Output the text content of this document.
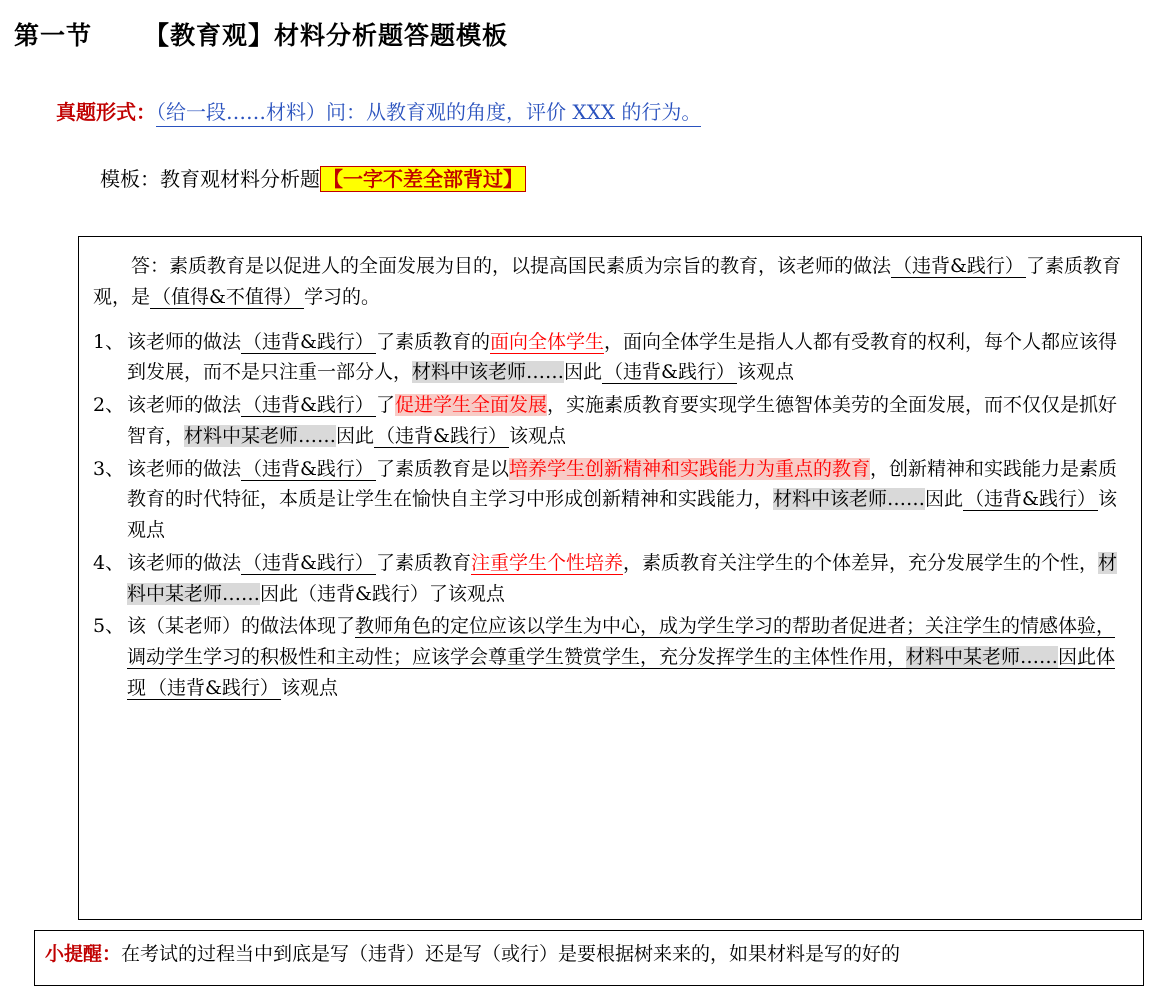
第一节 【教育观】材料分析题答题模板
真题形式：（给一段……材料）问：从教育观的角度，评价 XXX 的行为。
模板：教育观材料分析题 【一字不差全部背过】

答：素质教育是以促进人的全面发展为目的，以提高国民素质为宗旨的教育，该老师的做法 （违背&践行） 了素质教育观，是 （值得&不值得） 学习的。

1、 该老师的做法 （违背&践行） 了素质教育的面向全体学生，面向全体学生是指人人都有受教育的权利，每个人都应该得到发展，而不是只注重一部分人，材料中该老师……因此 （违背&践行） 该观点
2、 该老师的做法 （违背&践行） 了促进学生全面发展，实施素质教育要实现学生德智体美劳的全面发展，而不仅仅是抓好智育，材料中某老师……因此 （违背&践行） 该观点
3、 该老师的做法 （违背&践行） 了素质教育是以培养学生创新精神和实践能力为重点的教育，创新精神和实践能力是素质教育的时代特征，本质是让学生在愉快自主学习中形成创新精神和实践能力，材料中该老师……因此 （违背&践行） 该观点
4、 该老师的做法 （违背&践行） 了素质教育注重学生个性培养，素质教育关注学生的个体差异，充分发展学生的个性，材料中某老师……因此（违背&践行）了该观点
5、 该（某老师）的做法体现了教师角色的定位应该以学生为中心，成为学生学习的帮助者促进者；关注学生的情感体验，调动学生学习的积极性和主动性；应该学会尊重学生赞赏学生，充分发挥学生的主体性作用，材料中某老师……因此体现 （违背&践行） 该观点
小提醒：在考试的过程当中到底是写（违背）还是写（或行）是要根据树来来的，如果材料是写的好的
